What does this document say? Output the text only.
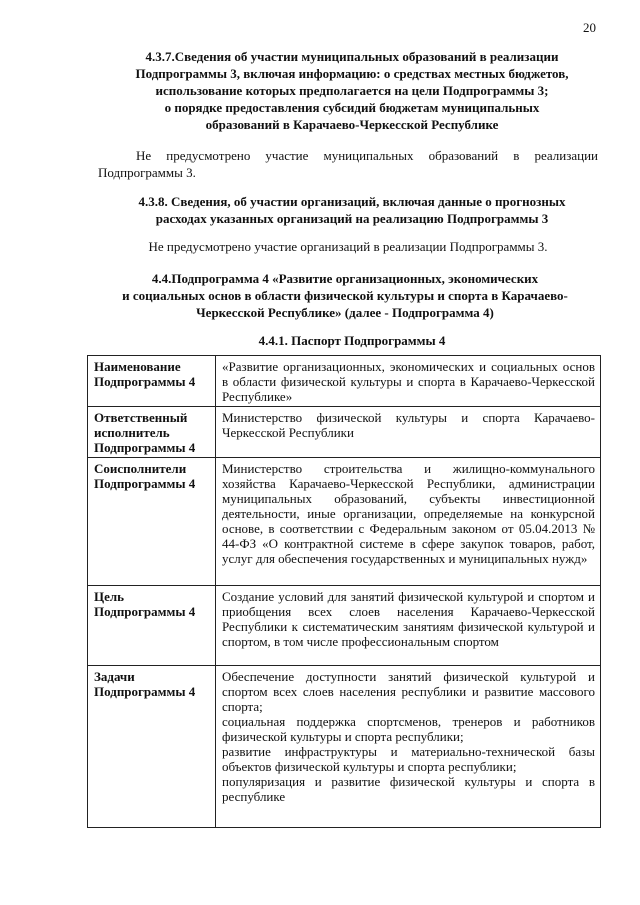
20
4.3.7.Сведения об участии муниципальных образований в реализации
Подпрограммы 3, включая информацию: о средствах местных бюджетов,
использование которых предполагается на цели Подпрограммы 3;
о порядке предоставления субсидий бюджетам муниципальных
образований в Карачаево-Черкесской Республике

Не предусмотрено участие муниципальных образований в реализации Подпрограммы 3.

4.3.8. Сведения, об участии организаций, включая данные о прогнозных
расходах указанных организаций на реализацию Подпрограммы 3

Не предусмотрено участие организаций в реализации Подпрограммы 3.

4.4.Подпрограмма 4 «Развитие организационных, экономических
и социальных основ в области физической культуры и спорта в Карачаево-
Черкесской Республике» (далее - Подпрограмма 4)
4.4.1. Паспорт Подпрограммы 4
Наименование
Подпрограммы 4	«Развитие организационных, экономических и социальных основ в области физической культуры и спорта в Карачаево-Черкесской Республике»

Ответственный
исполнитель
Подпрограммы 4	Министерство физической культуры и спорта Карачаево-Черкесской Республики

Соисполнители
Подпрограммы 4	Министерство строительства и жилищно-коммунального хозяйства Карачаево-Черкесской Республики, администрации муниципальных образований, субъекты инвестиционной деятельности, иные организации, определяемые на конкурсной основе, в соответствии с Федеральным законом от 05.04.2013 № 44-ФЗ «О контрактной системе в сфере закупок товаров, работ, услуг для обеспечения государственных и муниципальных нужд»

Цель
Подпрограммы 4	Создание условий для занятий физической культурой и спортом и приобщения всех слоев населения Карачаево-Черкесской Республики к систематическим занятиям физической культурой и спортом, в том числе профессиональным спортом

Задачи
Подпрограммы 4	Обеспечение доступности занятий физической культурой и спортом всех слоев населения республики и развитие массового спорта;
социальная поддержка спортсменов, тренеров и работников физической культуры и спорта республики;
развитие инфраструктуры и материально-технической базы объектов физической культуры и спорта республики;
популяризация и развитие физической культуры и спорта в республике
